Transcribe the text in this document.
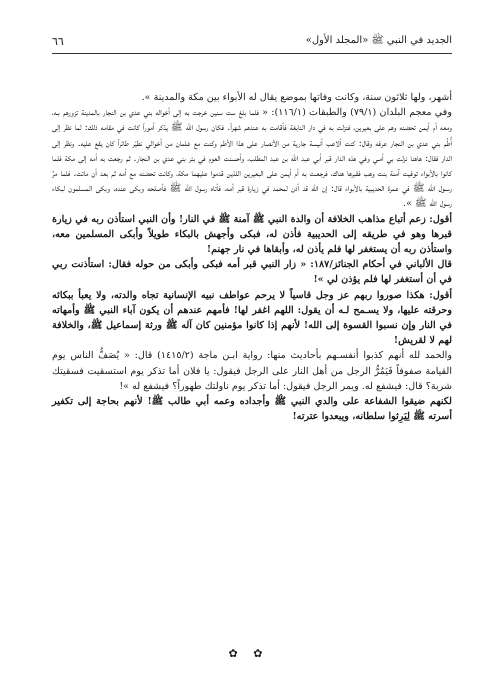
الجديد في النبي ﷺ «المجلد الأول»
٦٦

أشهر، ولها ثلاثون سنة، وكانت وفاتها بموضع يقال له الأبواء بين مكة والمدينة ».

وفي معجم البلدان (٧٩/١) والطبقات (١١٦/١): « فلما بلغ ست سنين خرجت به إلى أخواله بني عدي بن النجار بالمدينة تزورهم بـه، ومعه أم أيمن تحضنه وهم على بعيرين، فنزلت به في دار النابغة فأقامت به عندهم شهراً. فكان رسول الله ﷺ يذكر أموراً كانت في مقامه ذلك: لما نظر إلى أُطُم بني عدي بن النجار عرفه وقال: كنت ألاعب أنيسة جارية من الأنصار على هذا الأطم وكنت مع غلمان من أخوالي نطيّر طائراً كان يقع عليه. ونظر إلى الدار فقال: هاهنا نزلت بي أمـي وفي هذه الدار قبر أبي عبد الله بن عبد المطلب، وأحسنت العوم في بئر بني عدي بن النجار. ثم رجعت به أمه إلى مكة فلما كانوا بالأبواء توفيت آمنة بنت وهب فقبرها هناك، فرجعـت به أم أيمن على البعيرين اللذين قدموا عليهما مكة، وكانت تحضنه مع أمه ثم بعد أن ماتت. فلما مرَّ رسـول الله ﷺ في عمرة الحديبية بالأبواء قال: إن الله قد أذن لمحمد في زيارة قبر أمه، فأتاه رسول الله ﷺ فأصلحه وبكى عنده، وبكى المسلمون لبكاء رسول الله ﷺ ».

أقول: زعم أتباع مذاهب الخلافة أن والدة النبي ﷺ آمنة ﷺ في النار! وأن النبي استأذن ربه في زيارة قبرها وهو في طريقه إلى الحديبية فأذن له، فبكى وأجهش بالبكاء طويلاً وأبكى المسلمين معه، واستأذن ربه أن يستغفر لها فلم يأذن له، وأبقاها في نار جهنم!

قال الألباني في أحكام الجنائز/١٨٧: « زار النبي قبر أمه فبكى وأبكى من حوله فقال: استأذنت ربي في أن أستغفر لها فلم يؤذن لي »!

أقول: هكذا صوروا ربهم عز وجل قاسياً لا يرحم عواطف نبيه الإنسانية تجاه والدته، ولا يعبأ ببكائه وحرقته عليها، ولا يسـمح لـه أن يقول: اللهم اغفر لها! فأمهم عندهم أن يكون آباء النبي ﷺ وأمهاته في النار وإن نسبوا القسوة إلى الله! لأنهم إذا كانوا مؤمنين كان آله ﷺ ورثة إسماعيل ﷺ، والخلافة لهم لا لقريش!

والحمد لله أنهم كذبوا أنفسـهم بأحاديث منها: رواية ابـن ماجة (١٤١٥/٢) قال: « يُصَفُّ الناس يوم القيامة صفوفاً فَيَمُرُّ الرجل من أهل النار على الرجل فيقول: يا فلان أما تذكر يوم استسقيت فسقيتك شربة؟ قال: فيشفع له. ويمر الرجل فيقول: أما تذكر يوم ناولتك طهوراً؟ فيشفع له »!

لكنهم ضيقوا الشفاعة على والدي النبي ﷺ وأجداده وعمه أبي طالب ﷺ! لأنهم بحاجة إلى تكفير أسرته ﷺ لِيَرِثوا سلطانه، ويبعدوا عترته!

✿ ✿
